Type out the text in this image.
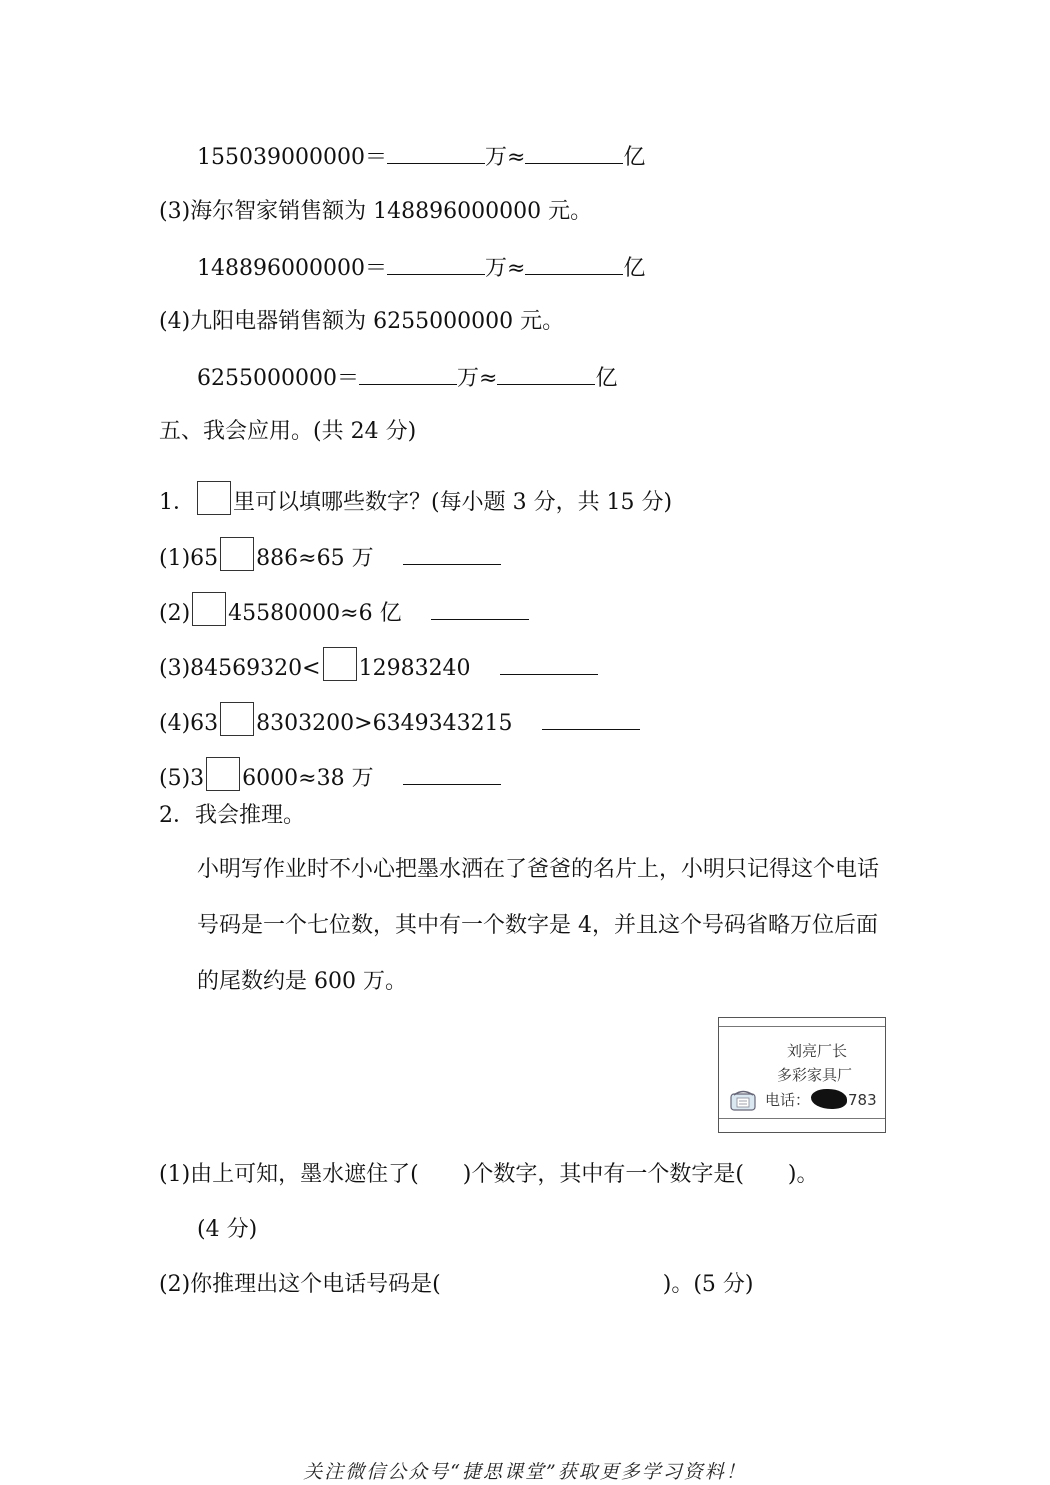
155039000000＝	万≈	亿
(3)海尔智家销售额为 148896000000 元。
148896000000＝	万≈	亿
(4)九阳电器销售额为 6255000000 元。
6255000000＝	万≈	亿
五、我会应用。(共 24 分)
1． 里可以填哪些数字？(每小题 3 分，共 15 分)
(1)65 886≈65 万
(2) 45580000≈6 亿
(3)84569320< 12983240
(4)63 8303200>6349343215
(5)3 6000≈38 万
2．我会推理。
小明写作业时不小心把墨水洒在了爸爸的名片上，小明只记得这个电话号码是一个七位数，其中有一个数字是 4，并且这个号码省略万位后面的尾数约是 600 万。
刘亮厂长
多彩家具厂
电话：	783
(1)由上可知，墨水遮住了( )个数字，其中有一个数字是( )。
(4 分)
(2)你推理出这个电话号码是(	)。(5 分)
关注微信公众号“捷思课堂”获取更多学习资料！
